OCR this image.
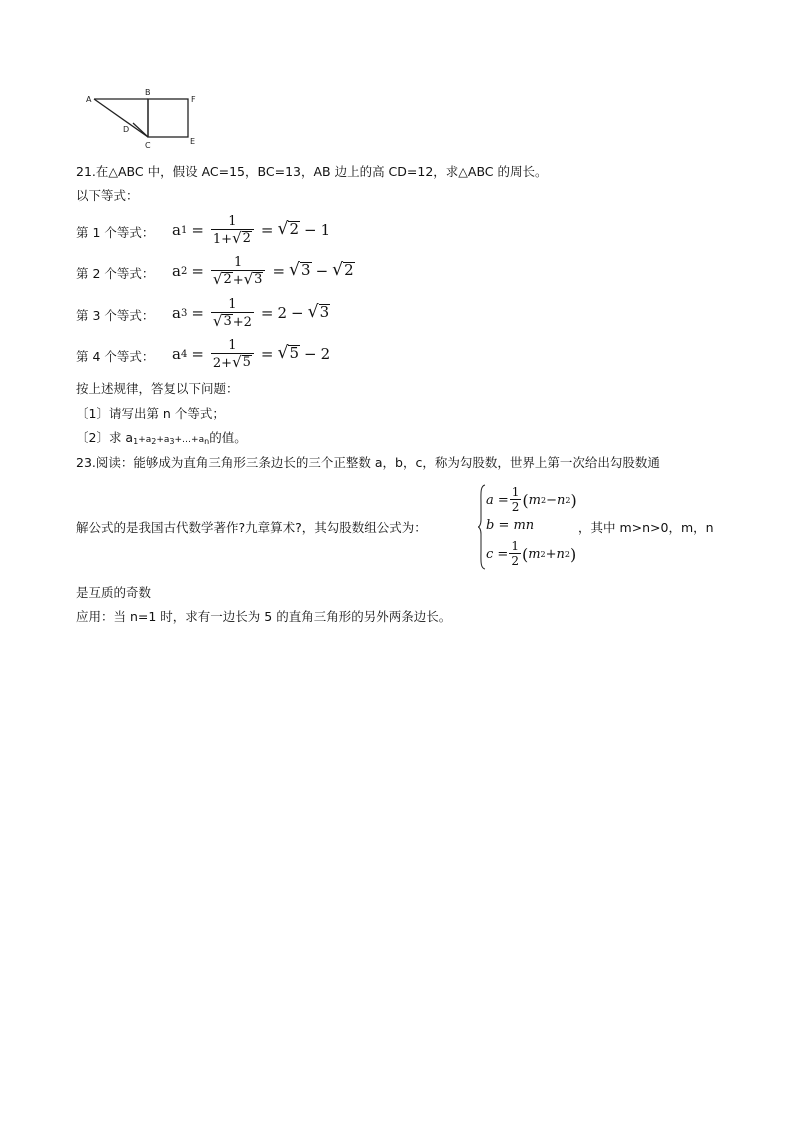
A
B
F
D
C	E
21.在△ABC 中，假设 AC=15，BC=13，AB 边上的高 CD=12，求△ABC 的周长。
以下等式：
第 1 个等式： a $1 = \frac{1}{1+ √ 2}$ = √ 2 − 1
第 2 个等式： a $2 = \frac{1}{√ 2 + √ 3}$ = √ 3 − √ 2
第 3 个等式： a $3 = \frac{1}{√ 3 +2} = 2$ − √ 3
第 4 个等式： a $4 = \frac{1}{2+ √ 5}$ = √ 5 − 2
按上述规律，答复以下问题：
〔1〕请写出第 n 个等式；
〔2〕求 $a_1+a_2+a_3+\dots+a_n$的值。
23.阅读：能够成为直角三角形三条边长的三个正整数 a，b，c，称为勾股数，世界上第一次给出勾股数通
解公式的是我国古代数学著作?九章算术?，其勾股数组公式为：
$a = \frac{1}{2}$ ( m 2 − n 2 )
b = mn
$c = \frac{1}{2}$ ( m 2 + n 2 )
，其中 m>n>0，m，n
是互质的奇数
应用：当 n=1 时，求有一边长为 5 的直角三角形的另外两条边长。
